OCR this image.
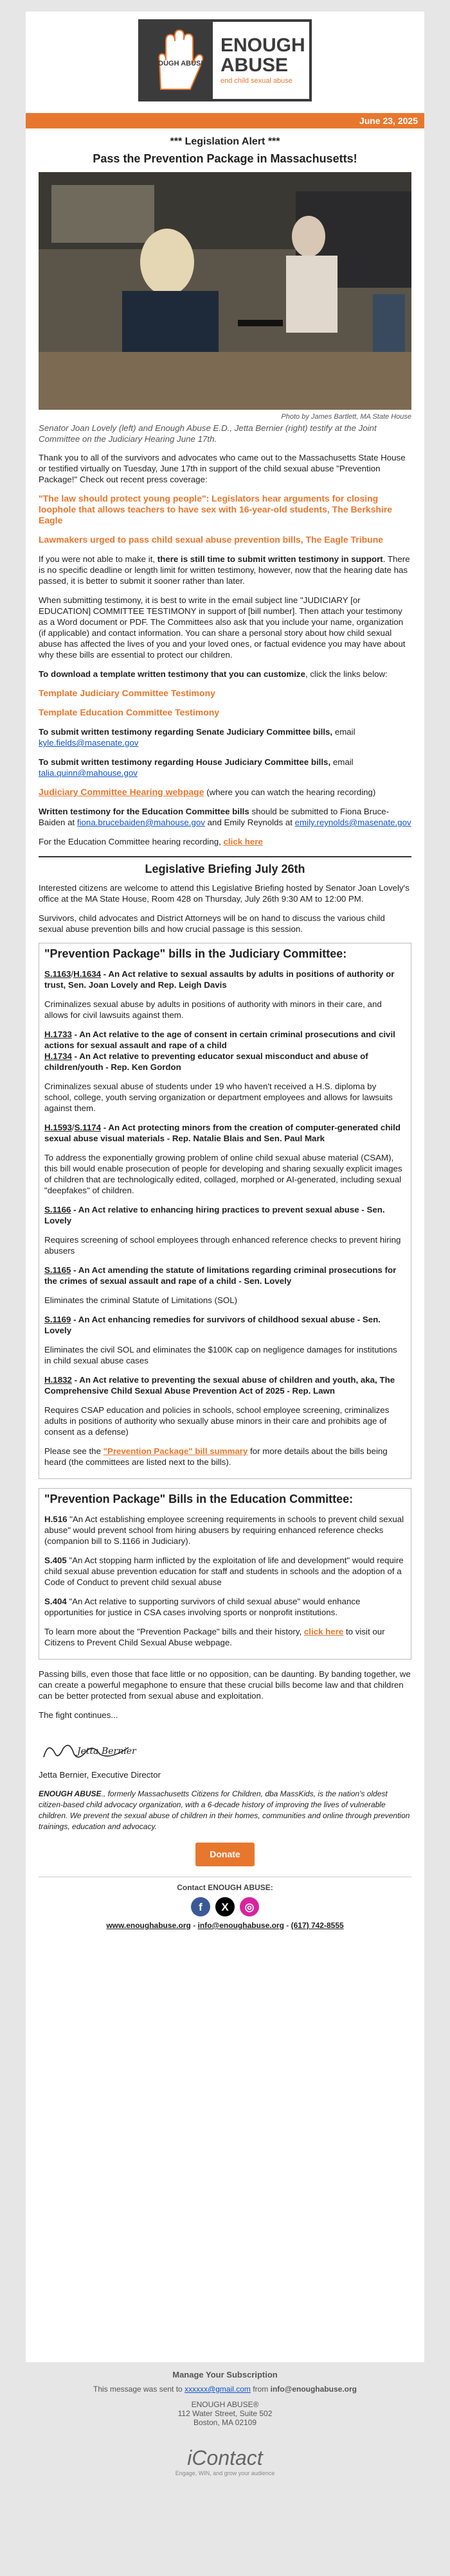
ENOUGH ABUSE
ENOUGH
ABUSE
end child sexual abuse
June 23, 2025
*** Legislation Alert ***
Pass the Prevention Package in Massachusetts!
Photo by James Bartlett, MA State House
Senator Joan Lovely (left) and Enough Abuse E.D., Jetta Bernier (right) testify at the Joint Committee on the Judiciary Hearing June 17th.

Thank you to all of the survivors and advocates who came out to the Massachusetts State House or testified virtually on Tuesday, June 17th in support of the child sexual abuse "Prevention Package!" Check out recent press coverage:

"The law should protect young people": Legislators hear arguments for closing loophole that allows teachers to have sex with 16-year-old students, The Berkshire Eagle

Lawmakers urged to pass child sexual abuse prevention bills, The Eagle Tribune

If you were not able to make it, there is still time to submit written testimony in support. There is no specific deadline or length limit for written testimony, however, now that the hearing date has passed, it is better to submit it sooner rather than later.

When submitting testimony, it is best to write in the email subject line "JUDICIARY [or EDUCATION] COMMITTEE TESTIMONY in support of [bill number]. Then attach your testimony as a Word document or PDF. The Committees also ask that you include your name, organization (if applicable) and contact information. You can share a personal story about how child sexual abuse has affected the lives of you and your loved ones, or factual evidence you may have about why these bills are essential to protect our children.

To download a template written testimony that you can customize, click the links below:

Template Judiciary Committee Testimony

Template Education Committee Testimony

To submit written testimony regarding Senate Judiciary Committee bills, email kyle.fields@masenate.gov

To submit written testimony regarding House Judiciary Committee bills, email talia.quinn@mahouse.gov

Judiciary Committee Hearing webpage (where you can watch the hearing recording)

Written testimony for the Education Committee bills should be submitted to Fiona Bruce-Baiden at fiona.brucebaiden@mahouse.gov and Emily Reynolds at emily.reynolds@masenate.gov

For the Education Committee hearing recording, click here

Legislative Briefing July 26th

Interested citizens are welcome to attend this Legislative Briefing hosted by Senator Joan Lovely's office at the MA State House, Room 428 on Thursday, July 26th 9:30 AM to 12:00 PM.

Survivors, child advocates and District Attorneys will be on hand to discuss the various child sexual abuse prevention bills and how crucial passage is this session.

"Prevention Package" bills in the Judiciary Committee:

S.1163/H.1634 - An Act relative to sexual assaults by adults in positions of authority or trust, Sen. Joan Lovely and Rep. Leigh Davis

Criminalizes sexual abuse by adults in positions of authority with minors in their care, and allows for civil lawsuits against them.

H.1733 - An Act relative to the age of consent in certain criminal prosecutions and civil actions for sexual assault and rape of a child
H.1734 - An Act relative to preventing educator sexual misconduct and abuse of children/youth - Rep. Ken Gordon

Criminalizes sexual abuse of students under 19 who haven't received a H.S. diploma by school, college, youth serving organization or department employees and allows for lawsuits against them.

H.1593/S.1174 - An Act protecting minors from the creation of computer-generated child sexual abuse visual materials - Rep. Natalie Blais and Sen. Paul Mark

To address the exponentially growing problem of online child sexual abuse material (CSAM), this bill would enable prosecution of people for developing and sharing sexually explicit images of children that are technologically edited, collaged, morphed or AI-generated, including sexual "deepfakes" of children.

S.1166 - An Act relative to enhancing hiring practices to prevent sexual abuse - Sen. Lovely

Requires screening of school employees through enhanced reference checks to prevent hiring abusers

S.1165 - An Act amending the statute of limitations regarding criminal prosecutions for the crimes of sexual assault and rape of a child - Sen. Lovely

Eliminates the criminal Statute of Limitations (SOL)

S.1169 - An Act enhancing remedies for survivors of childhood sexual abuse - Sen. Lovely

Eliminates the civil SOL and eliminates the $100K cap on negligence damages for institutions in child sexual abuse cases

H.1832 - An Act relative to preventing the sexual abuse of children and youth, aka, The Comprehensive Child Sexual Abuse Prevention Act of 2025 - Rep. Lawn

Requires CSAP education and policies in schools, school employee screening, criminalizes adults in positions of authority who sexually abuse minors in their care and prohibits age of consent as a defense)

Please see the "Prevention Package" bill summary for more details about the bills being heard (the committees are listed next to the bills).

"Prevention Package" Bills in the Education Committee:

H.516 "An Act establishing employee screening requirements in schools to prevent child sexual abuse" would prevent school from hiring abusers by requiring enhanced reference checks (companion bill to S.1166 in Judiciary).

S.405 "An Act stopping harm inflicted by the exploitation of life and development" would require child sexual abuse prevention education for staff and students in schools and the adoption of a Code of Conduct to prevent child sexual abuse

S.404 "An Act relative to supporting survivors of child sexual abuse" would enhance opportunities for justice in CSA cases involving sports or nonprofit institutions.

To learn more about the "Prevention Package" bills and their history, click here to visit our Citizens to Prevent Child Sexual Abuse webpage.

Passing bills, even those that face little or no opposition, can be daunting. By banding together, we can create a powerful megaphone to ensure that these crucial bills become law and that children can be better protected from sexual abuse and exploitation.

The fight continues...

Jetta Bernier

Jetta Bernier, Executive Director

ENOUGH ABUSE., formerly Massachusetts Citizens for Children, dba MassKids, is the nation's oldest citizen-based child advocacy organization, with a 6-decade history of improving the lives of vulnerable children. We prevent the sexual abuse of children in their homes, communities and online through prevention trainings, education and advocacy.

Donate
Contact ENOUGH ABUSE:
f	X	◎
www.enoughabuse.org - info@enoughabuse.org - (617) 742-8555
Manage Your Subscription
This message was sent to xxxxxx@gmail.com from info@enoughabuse.org
ENOUGH ABUSE®
112 Water Street, Suite 502
Boston, MA 02109
iContact
Engage, WIN, and grow your audience
